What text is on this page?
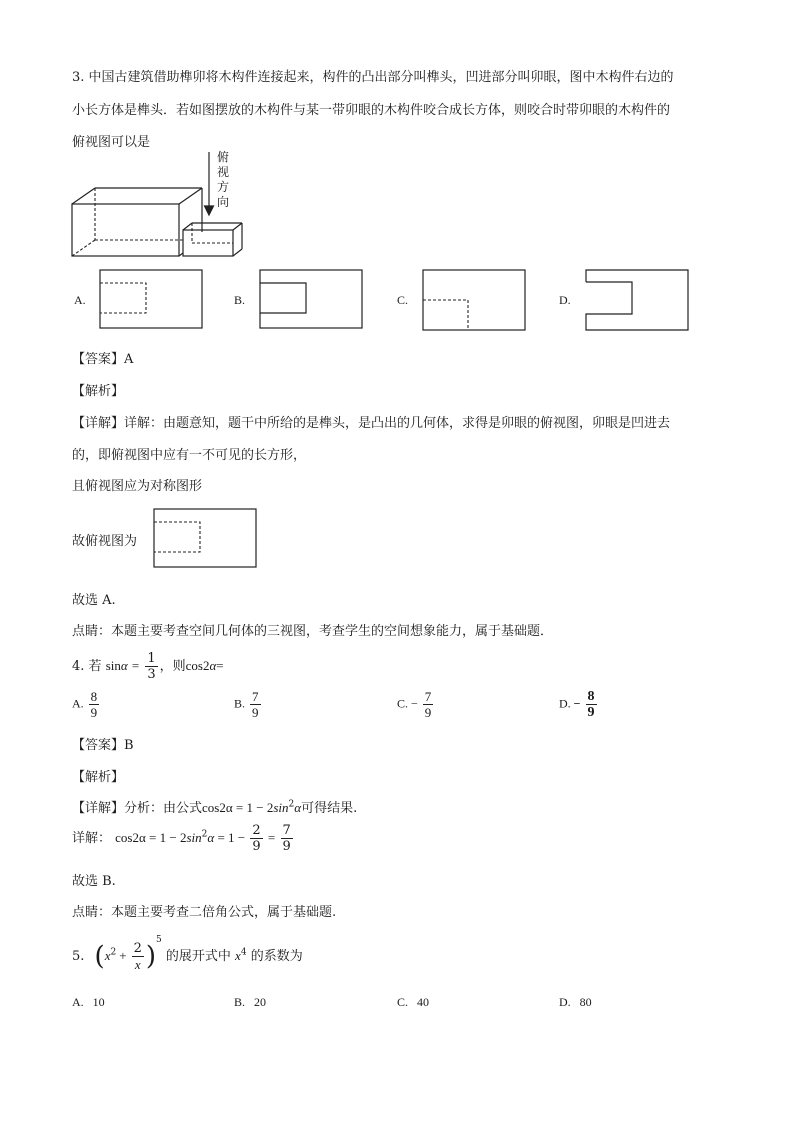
3. 中国古建筑借助榫卯将木构件连接起来，构件的凸出部分叫榫头，凹进部分叫卯眼，图中木构件右边的
小长方体是榫头．若如图摆放的木构件与某一带卯眼的木构件咬合成长方体，则咬合时带卯眼的木构件的
俯视图可以是
俯
视
方
向
A.	B.	C.	D.
【答案】A
【解析】
【详解】详解：由题意知，题干中所给的是榫头，是凸出的几何体，求得是卯眼的俯视图，卯眼是凹进去
的，即俯视图中应有一不可见的长方形，
且俯视图应为对称图形
故俯视图为
故选 A.
点睛：本题主要考查空间几何体的三视图，考查学生的空间想象能力，属于基础题．
4. 若 $\sin\alpha = \frac{1}{3}$ ，则cos2α=
A. $\frac{8}{9}$	B. $\frac{7}{9}$	C. − $\frac{7}{9}$	D. − $\frac{8}{9}$
【答案】B
【解析】
【详解】分析：由公式$\cos 2\alpha = 1 - 2\sin^2\alpha$可得结果.
详解： $\cos 2\alpha = 1 - 2\sin^2\alpha = 1 - \frac{2}{9} = \frac{7}{9}$
故选 B.
点睛：本题主要考查二倍角公式，属于基础题.
5. $(x^2 + \frac{2}{x} )^5$ 的展开式中 $x^4$ 的系数为
A. 10	B. 20	C. 40	D. 80
